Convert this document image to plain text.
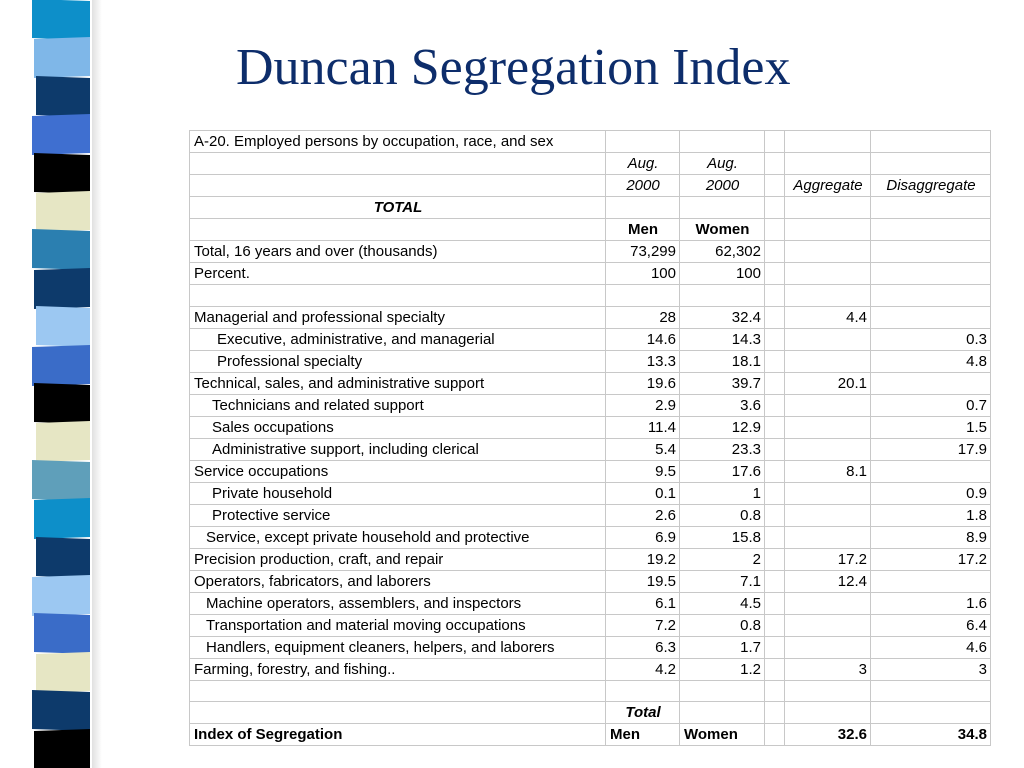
Duncan Segregation Index
A-20. Employed persons by occupation, race, and sex					
	Aug.	Aug.			
	2000	2000		Aggregate	Disaggregate
TOTAL					
	Men	Women			
Total, 16 years and over (thousands)	73,299	62,302			
Percent.	100	100			

Managerial and professional specialty	28	32.4		4.4	
Executive, administrative, and managerial	14.6	14.3			0.3
Professional specialty	13.3	18.1			4.8
Technical, sales, and administrative support	19.6	39.7		20.1	
Technicians and related support	2.9	3.6			0.7
Sales occupations	11.4	12.9			1.5
Administrative support, including clerical	5.4	23.3			17.9
Service occupations	9.5	17.6		8.1	
Private household	0.1	1			0.9
Protective service	2.6	0.8			1.8
Service, except private household and protective	6.9	15.8			8.9
Precision production, craft, and repair	19.2	2		17.2	17.2
Operators, fabricators, and laborers	19.5	7.1		12.4	
Machine operators, assemblers, and inspectors	6.1	4.5			1.6
Transportation and material moving occupations	7.2	0.8			6.4
Handlers, equipment cleaners, helpers, and laborers	6.3	1.7			4.6
Farming, forestry, and fishing..	4.2	1.2		3	3

	Total				
Index of Segregation	Men	Women		32.6	34.8
